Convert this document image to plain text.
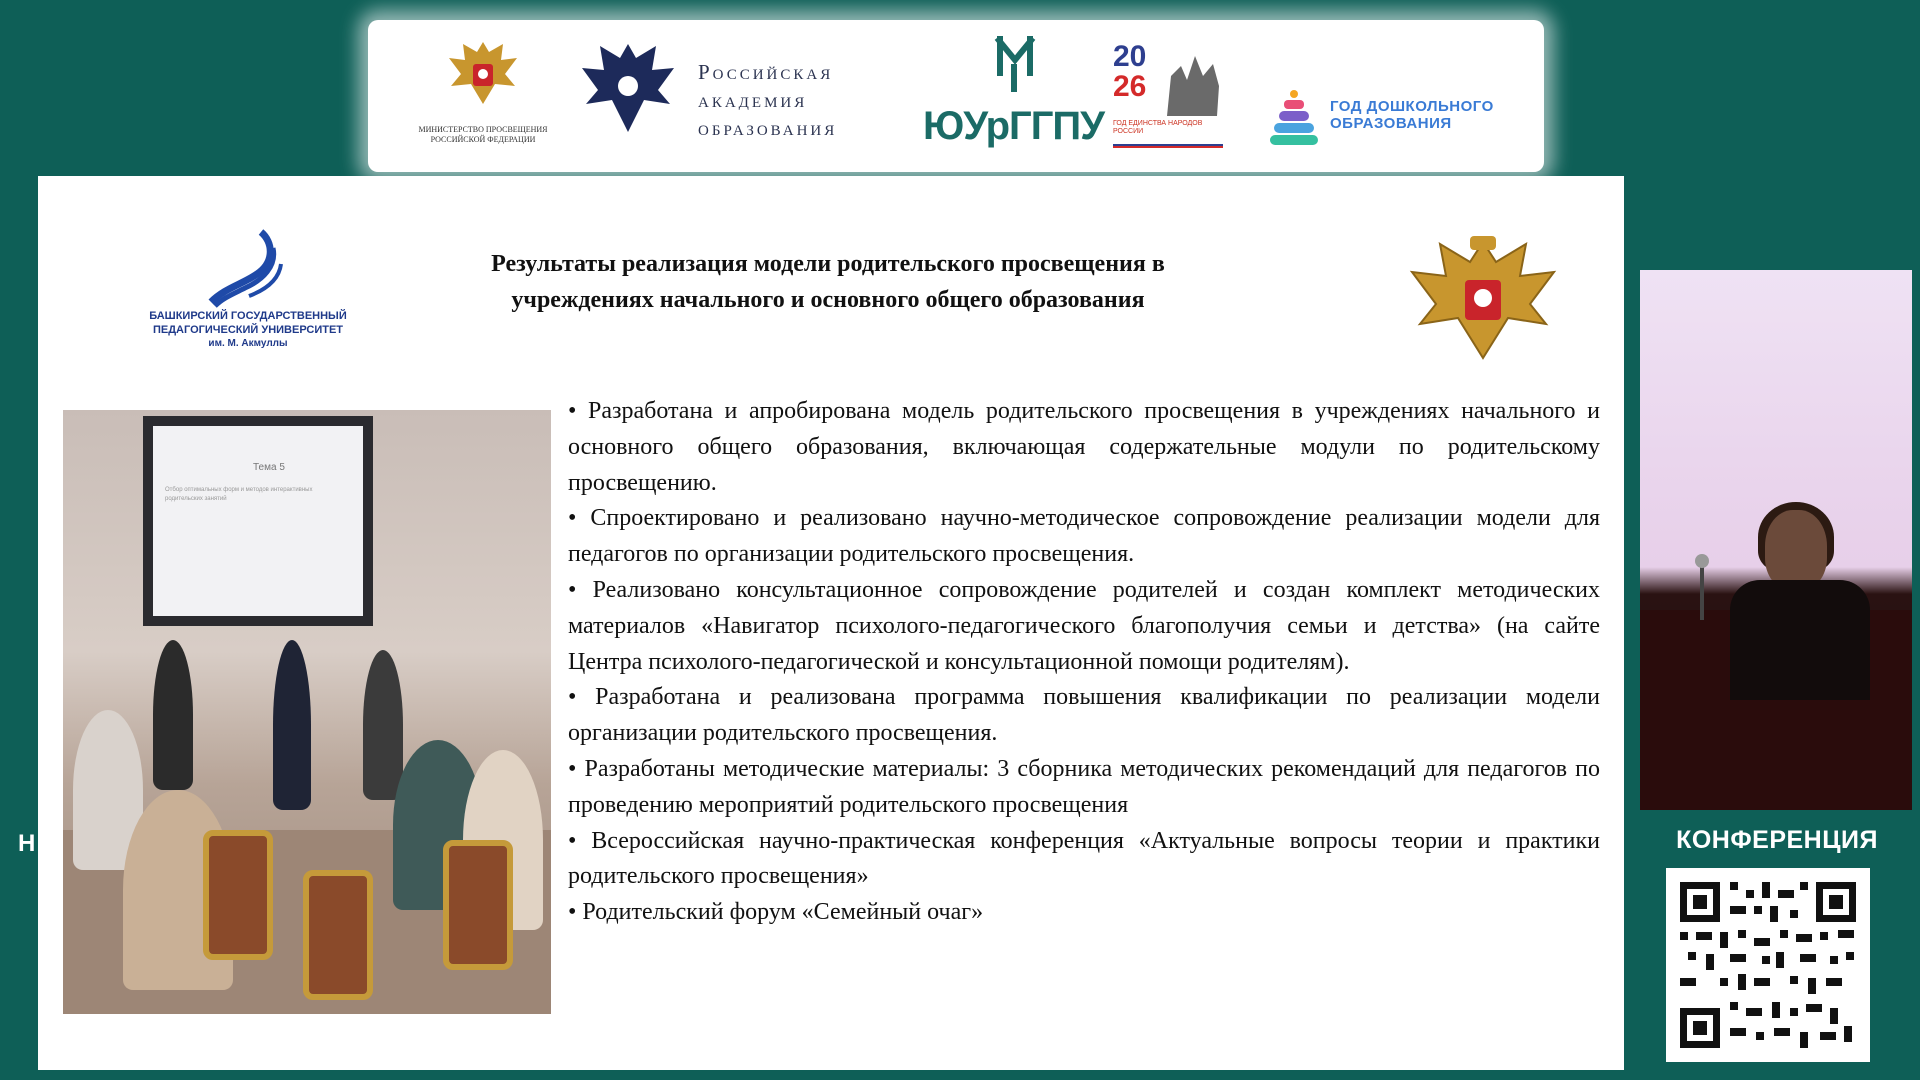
МИНИСТЕРСТВО ПРОСВЕЩЕНИЯ РОССИЙСКОЙ ФЕДЕРАЦИИ
Российская
академия
образования ЮУрГГПУ
20
26
ГОД ЕДИНСТВА НАРОДОВ РОССИИ
ГОД ДОШКОЛЬНОГО
ОБРАЗОВАНИЯ
БАШКИРСКИЙ ГОСУДАРСТВЕННЫЙ
ПЕДАГОГИЧЕСКИЙ УНИВЕРСИТЕТ
им. М. Акмуллы
Результаты реализация модели родительского просвещения в учреждениях начального и основного общего образования
Тема 5
Отбор оптимальных форм и методов интерактивных родительских занятий

• Разработана и апробирована модель родительского просвещения в учреждениях начального и основного общего образования, включающая содержательные модули по родительскому просвещению.

• Спроектировано и реализовано научно-методическое сопровождение реализации модели для педагогов по организации родительского просвещения.

• Реализовано консультационное сопровождение родителей и создан комплект методических материалов «Навигатор психолого-педагогического благополучия семьи и детства» (на сайте Центра психолого-педагогической и консультационной помощи родителям).

• Разработана и реализована программа повышения квалификации по реализации модели организации родительского просвещения.

• Разработаны методические материалы: 3 сборника методических рекомендаций для педагогов по проведению мероприятий родительского просвещения

• Всероссийская научно-практическая конференция «Актуальные вопросы теории и практики родительского просвещения»

• Родительский форум «Семейный очаг»

Н	КОНФЕРЕНЦИЯ
